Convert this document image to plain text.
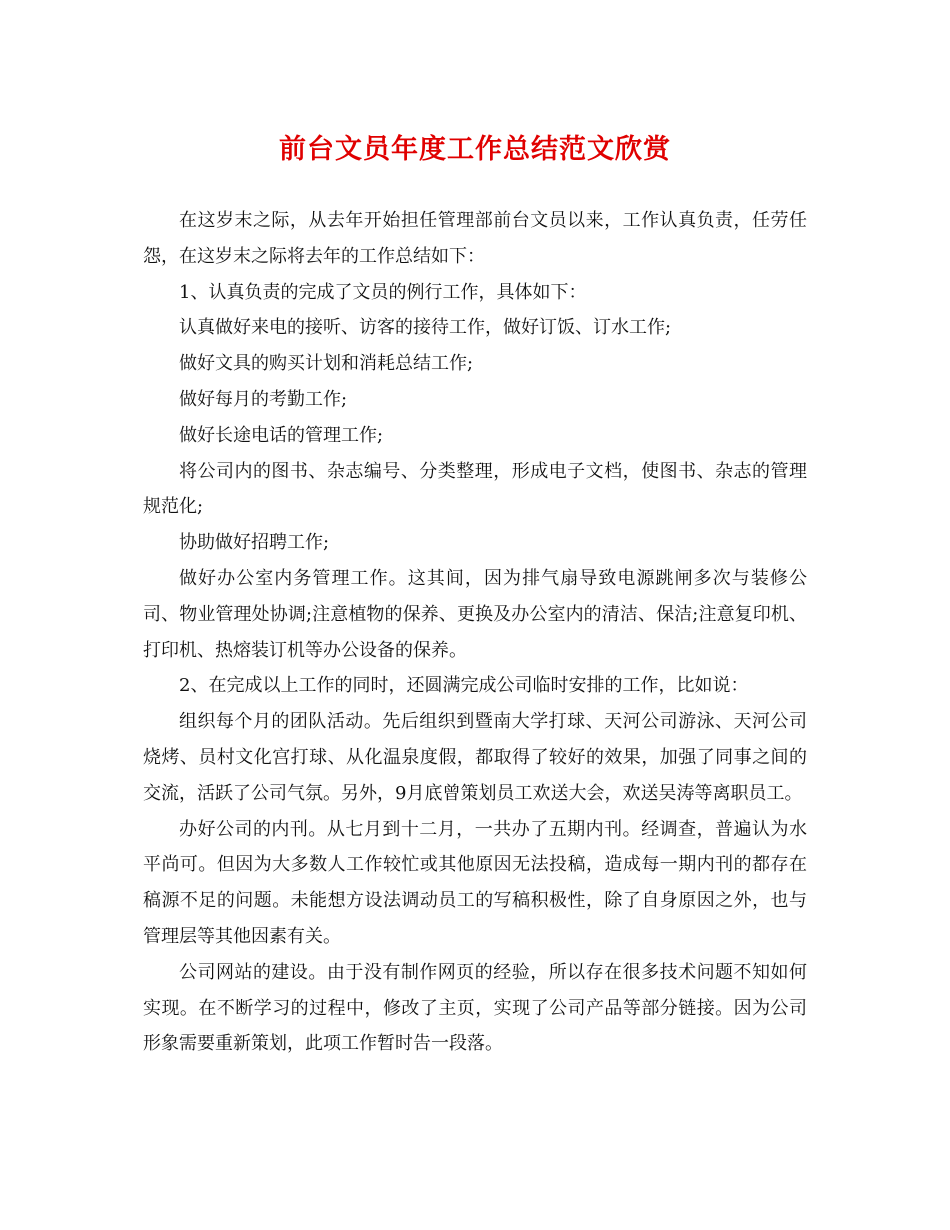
前台文员年度工作总结范文欣赏

在这岁末之际，从去年开始担任管理部前台文员以来，工作认真负责，任劳任怨，在这岁末之际将去年的工作总结如下：

1、认真负责的完成了文员的例行工作，具体如下：

认真做好来电的接听、访客的接待工作，做好订饭、订水工作;

做好文具的购买计划和消耗总结工作;

做好每月的考勤工作;

做好长途电话的管理工作;

将公司内的图书、杂志编号、分类整理，形成电子文档，使图书、杂志的管理规范化;

协助做好招聘工作;

做好办公室内务管理工作。这其间，因为排气扇导致电源跳闸多次与装修公司、物业管理处协调;注意植物的保养、更换及办公室内的清洁、保洁;注意复印机、打印机、热熔装订机等办公设备的保养。

2、在完成以上工作的同时，还圆满完成公司临时安排的工作，比如说：

组织每个月的团队活动。先后组织到暨南大学打球、天河公司游泳、天河公司烧烤、员村文化宫打球、从化温泉度假，都取得了较好的效果，加强了同事之间的交流，活跃了公司气氛。另外，9月底曾策划员工欢送大会，欢送吴涛等离职员工。

办好公司的内刊。从七月到十二月，一共办了五期内刊。经调查，普遍认为水平尚可。但因为大多数人工作较忙或其他原因无法投稿，造成每一期内刊的都存在稿源不足的问题。未能想方设法调动员工的写稿积极性，除了自身原因之外，也与管理层等其他因素有关。

公司网站的建设。由于没有制作网页的经验，所以存在很多技术问题不知如何实现。在不断学习的过程中，修改了主页，实现了公司产品等部分链接。因为公司形象需要重新策划，此项工作暂时告一段落。
